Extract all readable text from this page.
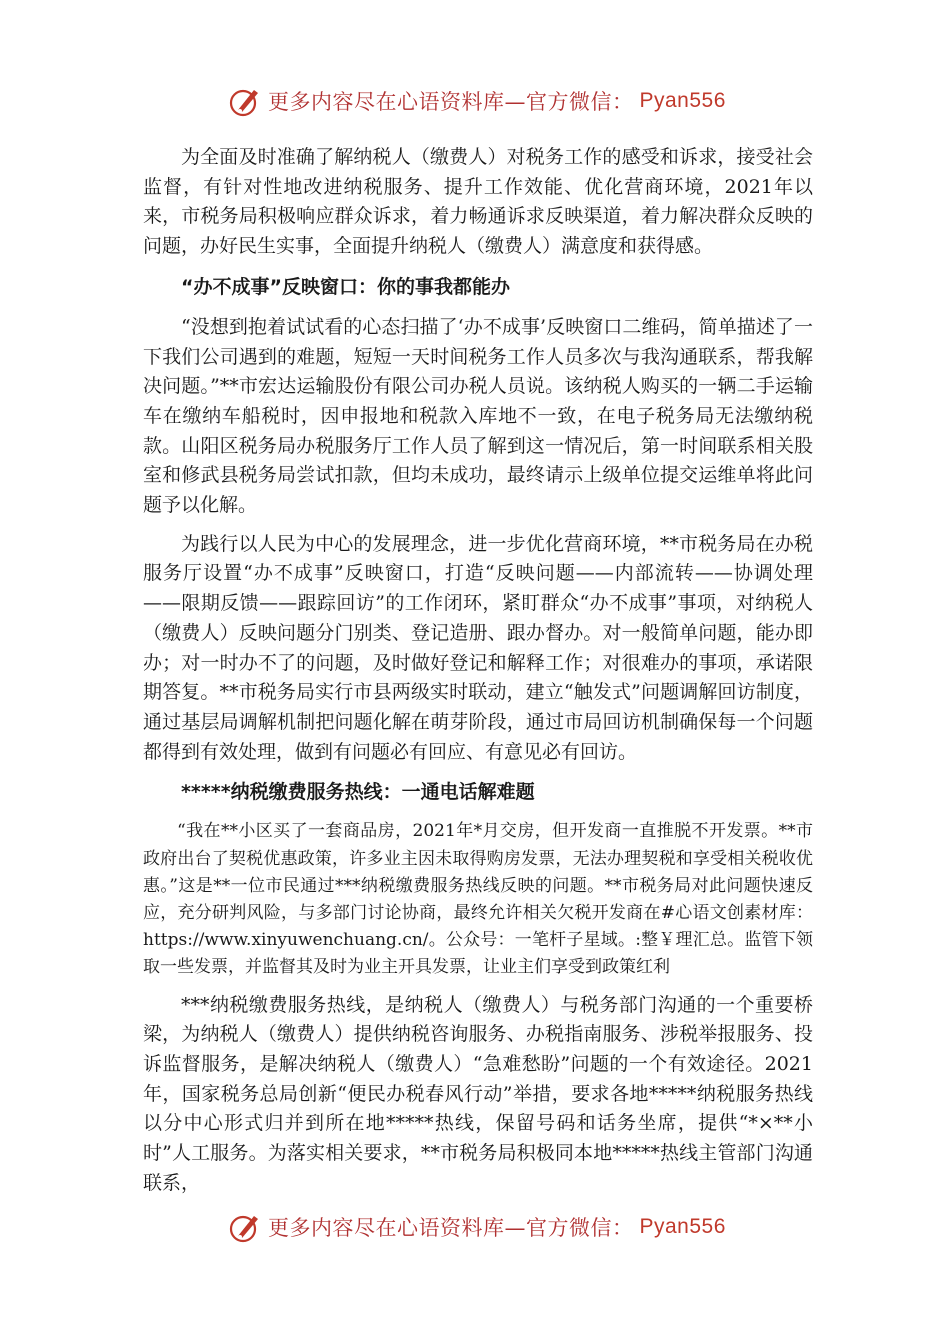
更多内容尽在心语资料库—官方微信： Pyan556

为全面及时准确了解纳税人（缴费人）对税务工作的感受和诉求，接受社会监督，有针对性地改进纳税服务、提升工作效能、优化营商环境，2021年以来，市税务局积极响应群众诉求，着力畅通诉求反映渠道，着力解决群众反映的问题，办好民生实事，全面提升纳税人（缴费人）满意度和获得感。

“办不成事”反映窗口：你的事我都能办

“没想到抱着试试看的心态扫描了‘办不成事’反映窗口二维码，简单描述了一下我们公司遇到的难题，短短一天时间税务工作人员多次与我沟通联系，帮我解决问题。”**市宏达运输股份有限公司办税人员说。该纳税人购买的一辆二手运输车在缴纳车船税时，因申报地和税款入库地不一致，在电子税务局无法缴纳税款。山阳区税务局办税服务厅工作人员了解到这一情况后，第一时间联系相关股室和修武县税务局尝试扣款，但均未成功，最终请示上级单位提交运维单将此问题予以化解。

为践行以人民为中心的发展理念，进一步优化营商环境，**市税务局在办税服务厅设置“办不成事”反映窗口，打造“反映问题——内部流转——协调处理——限期反馈——跟踪回访”的工作闭环，紧盯群众“办不成事”事项，对纳税人（缴费人）反映问题分门别类、登记造册、跟办督办。对一般简单问题，能办即办；对一时办不了的问题，及时做好登记和解释工作；对很难办的事项，承诺限期答复。**市税务局实行市县两级实时联动，建立“触发式”问题调解回访制度，通过基层局调解机制把问题化解在萌芽阶段，通过市局回访机制确保每一个问题都得到有效处理，做到有问题必有回应、有意见必有回访。

*****纳税缴费服务热线：一通电话解难题

“我在**小区买了一套商品房，2021年*月交房，但开发商一直推脱不开发票。**市政府出台了契税优惠政策，许多业主因未取得购房发票，无法办理契税和享受相关税收优惠。”这是**一位市民通过***纳税缴费服务热线反映的问题。**市税务局对此问题快速反应，充分研判风险，与多部门讨论协商，最终允许相关欠税开发商在#心语文创素材库：https://www.xinyuwenchuang.cn/。公众号：一笔杆子星域。:整￥理汇总。监管下领取一些发票，并监督其及时为业主开具发票，让业主们享受到政策红利

***纳税缴费服务热线，是纳税人（缴费人）与税务部门沟通的一个重要桥梁，为纳税人（缴费人）提供纳税咨询服务、办税指南服务、涉税举报服务、投诉监督服务，是解决纳税人（缴费人）“急难愁盼”问题的一个有效途径。2021年，国家税务总局创新“便民办税春风行动”举措，要求各地*****纳税服务热线以分中心形式归并到所在地*****热线，保留号码和话务坐席，提供“*×**小时”人工服务。为落实相关要求，**市税务局积极同本地*****热线主管部门沟通联系，

更多内容尽在心语资料库—官方微信： Pyan556
